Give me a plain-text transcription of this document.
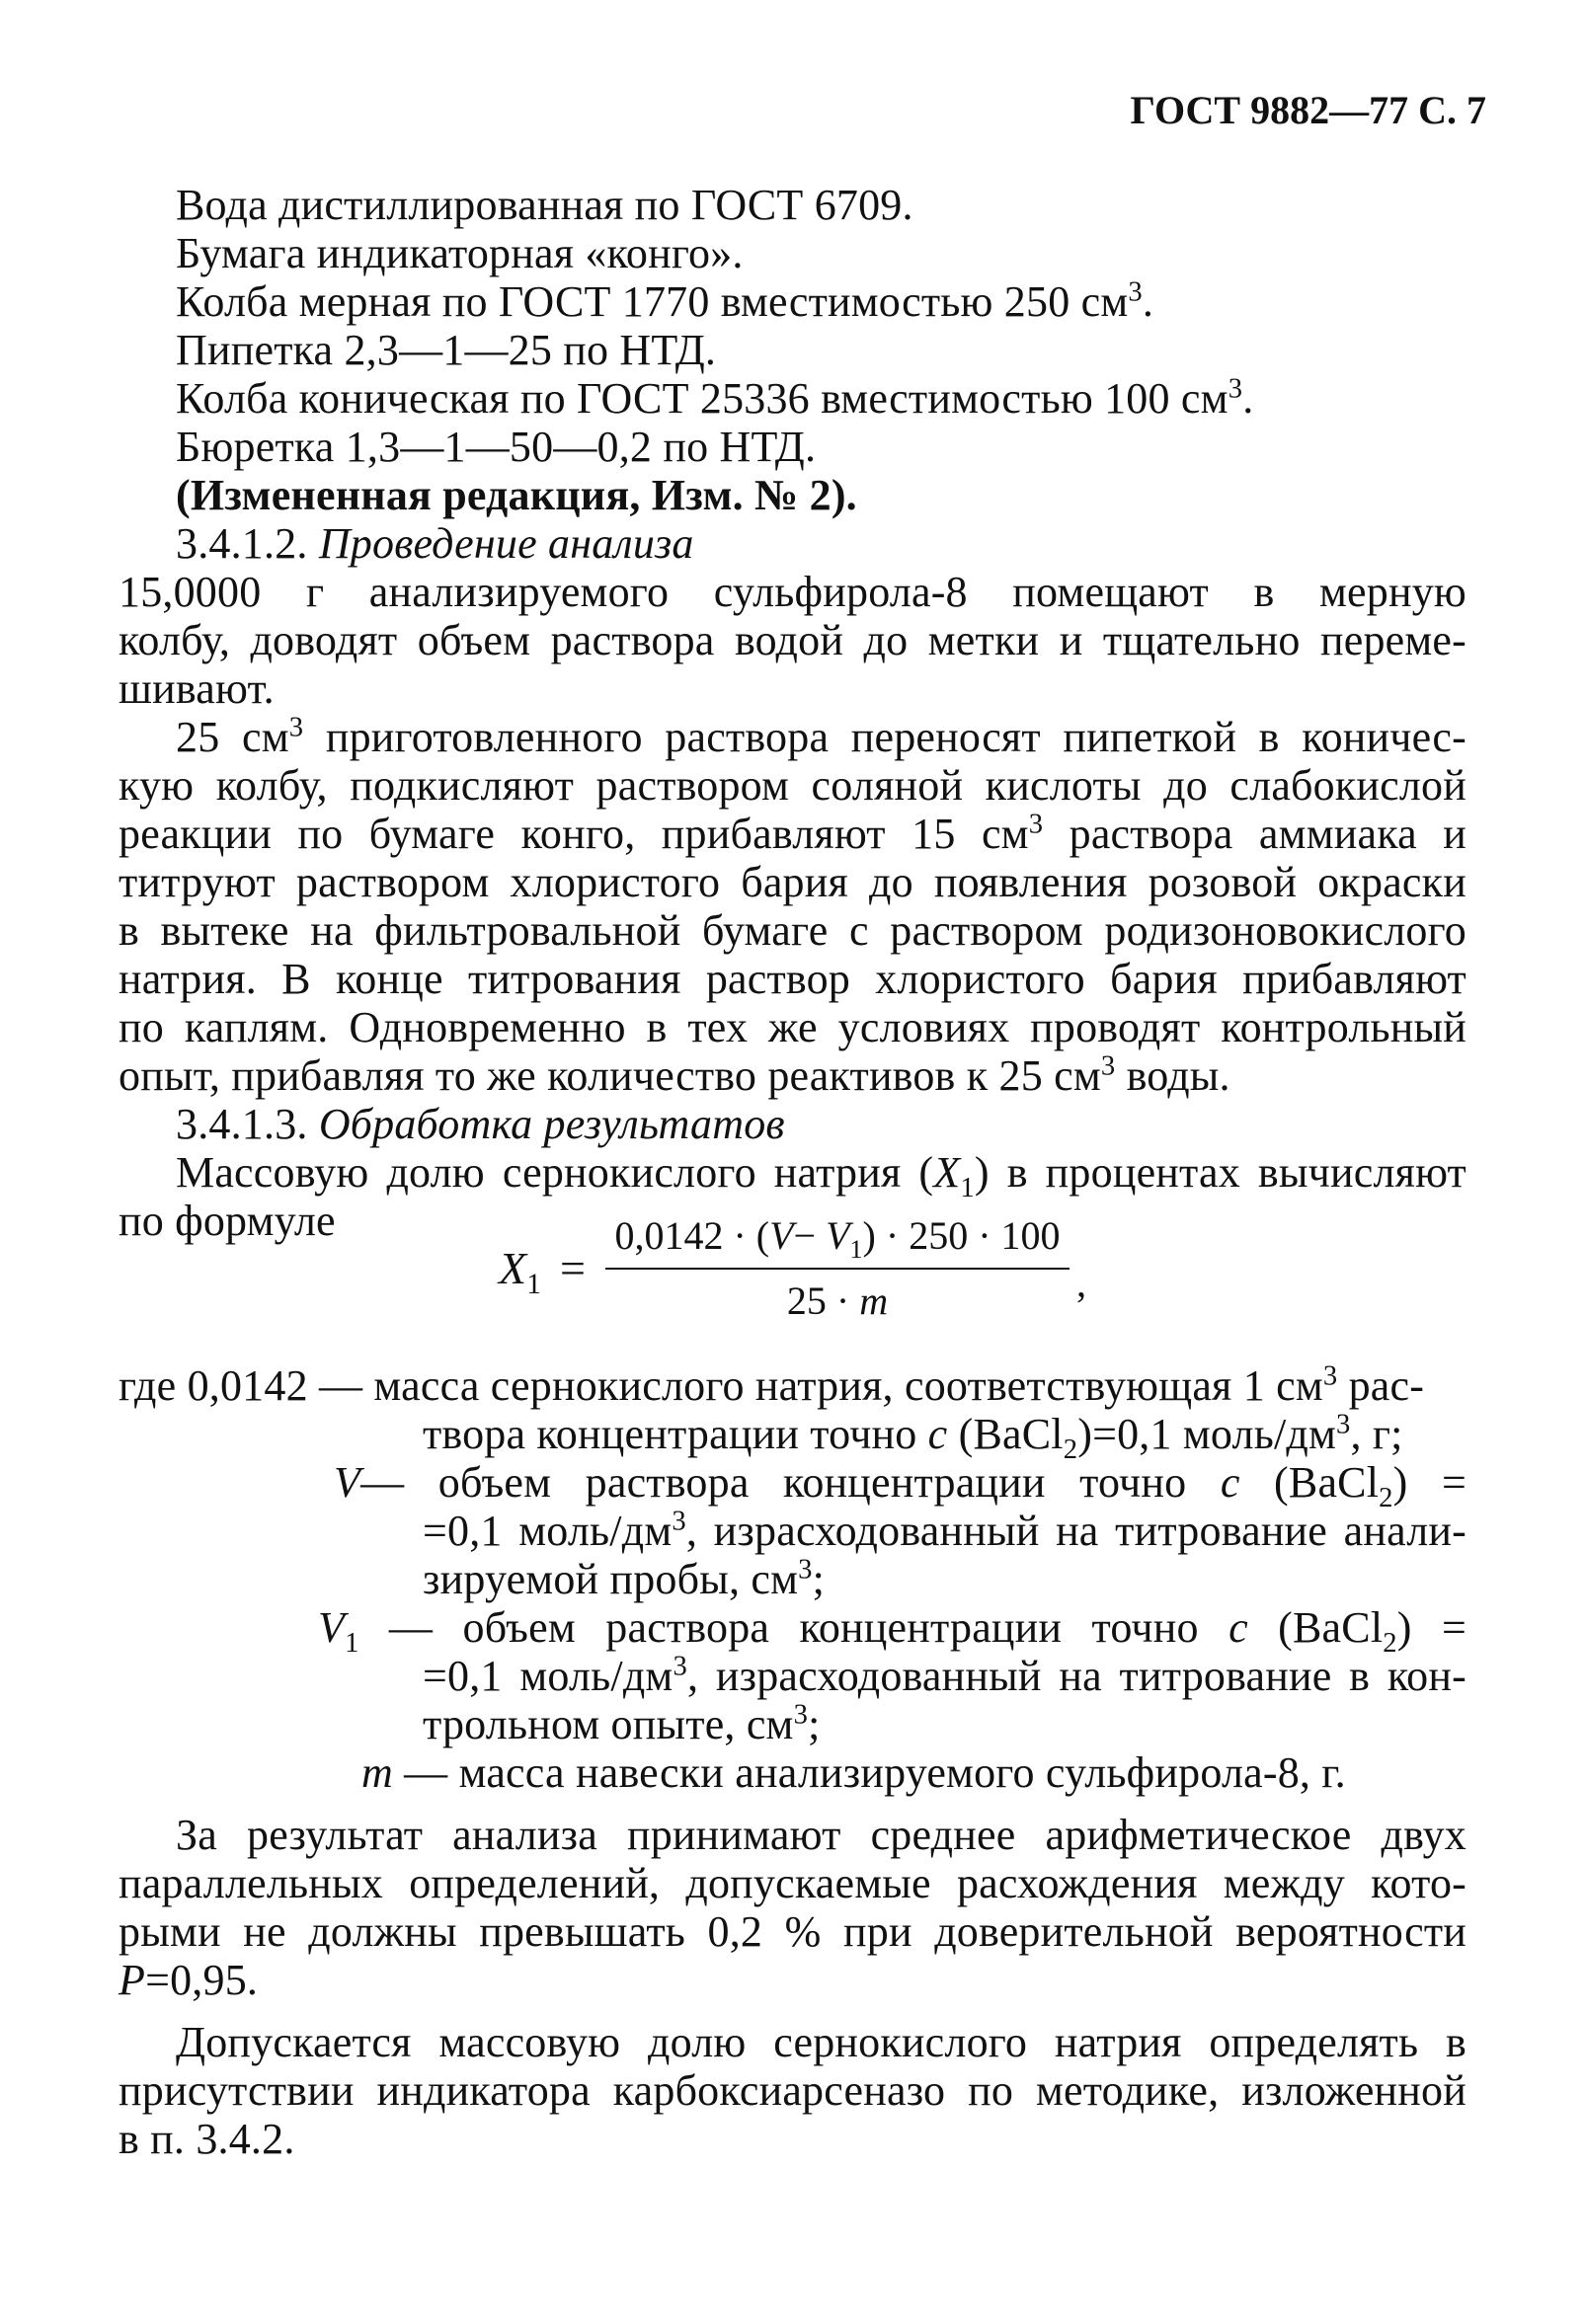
ГОСТ 9882—77 С. 7
Вода дистиллированная по ГОСТ 6709.
Бумага индикаторная «конго».
Колба мерная по ГОСТ 1770 вместимостью 250 $см^3$.
Пипетка 2,3—1—25 по НТД.
Колба коническая по ГОСТ 25336 вместимостью 100 $см^3$.
Бюретка 1,3—1—50—0,2 по НТД.
(Измененная редакция, Изм. № 2).
3.4.1.2. Проведение анализа
15,0000 г анализируемого сульфирола-8 помещают в мерную
колбу, доводят объем раствора водой до метки и тщательно переме-
шивают.
25 $см^3$ приготовленного раствора переносят пипеткой в коничес-
кую колбу, подкисляют раствором соляной кислоты до слабокислой
реакции по бумаге конго, прибавляют 15 $см^3$ раствора аммиака и
титруют раствором хлористого бария до появления розовой окраски
в вытеке на фильтровальной бумаге с раствором родизоновокислого
натрия. В конце титрования раствор хлористого бария прибавляют
по каплям. Одновременно в тех же условиях проводят контрольный
опыт, прибавляя то же количество реактивов к 25 $см^3$ воды.
3.4.1.3. Обработка результатов
Массовую долю сернокислого натрия $(X_1)$ в процентах вычисляют
по формуле
$X_1$ =
$0,0142 \cdot (V- V_1) \cdot 250 \cdot 100$
25 · m	,
где 0,0142 — масса сернокислого натрия, соответствующая 1 $см^3$ рас-
твора концентрации точно c (BaCl$_2$)=0,1 моль/$дм^3$, г;
V— объем раствора концентрации точно c (BaCl$_2$) =
=0,1 моль/$дм^3$, израсходованный на титрование анали-
зируемой пробы, $см^3$;
$V_1$ — объем раствора концентрации точно c (BaCl$_2$) =
=0,1 моль/$дм^3$, израсходованный на титрование в кон-
трольном опыте, $см^3$;
m — масса навески анализируемого сульфирола-8, г.
За результат анализа принимают среднее арифметическое двух
параллельных определений, допускаемые расхождения между кото-
рыми не должны превышать 0,2 % при доверительной вероятности
P=0,95.
Допускается массовую долю сернокислого натрия определять в
присутствии индикатора карбоксиарсеназо по методике, изложенной
в п. 3.4.2.
